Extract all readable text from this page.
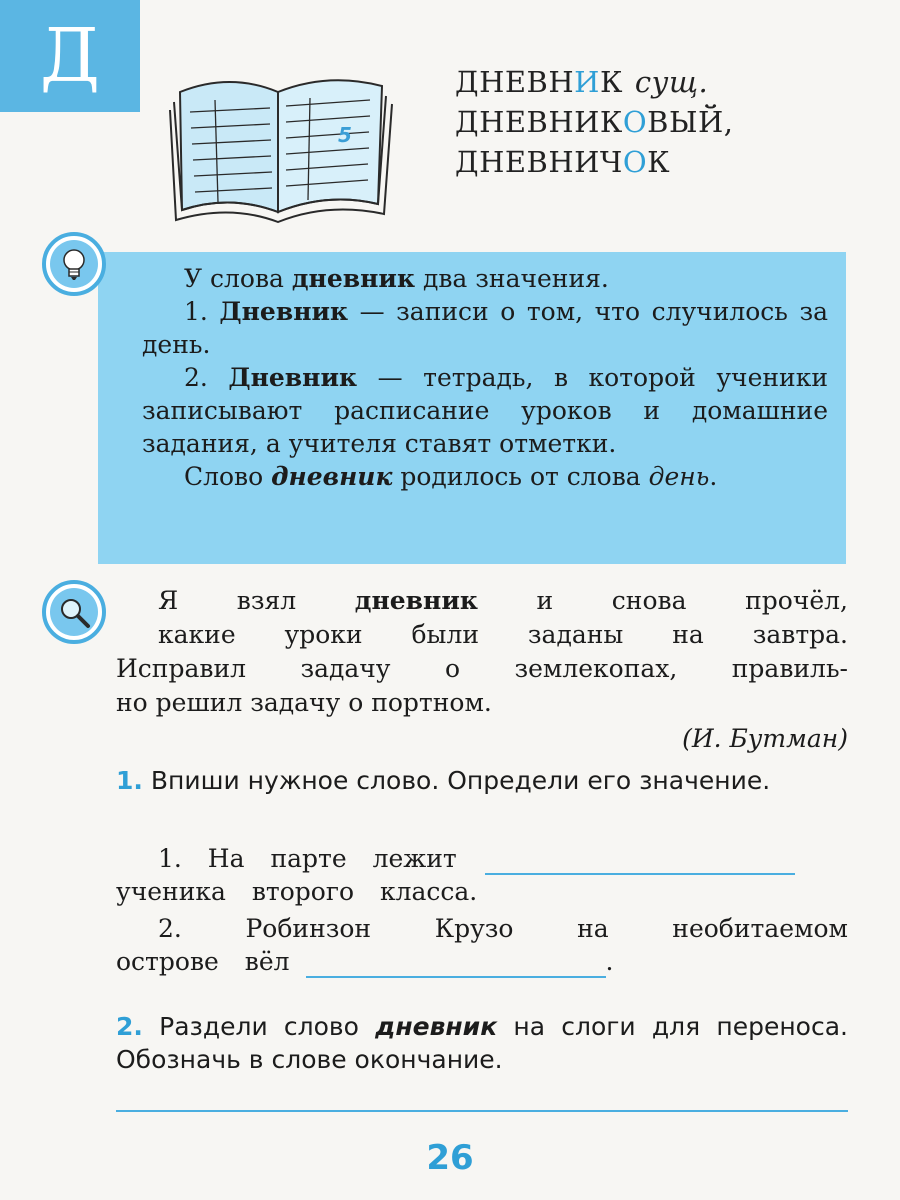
Д
5
ДНЕВНИК сущ.
ДНЕВНИКОВЫЙ,
ДНЕВНИЧОК

У слова дневник два значения.

1. Дневник — записи о том, что случилось за день.

2. Дневник — тетрадь, в которой ученики записывают расписание уроков и домашние задания, а учителя ставят отметки.

Слово дневник родилось от слова день.

Я взял дневник и снова прочёл,

какие уроки были заданы на завтра.

Исправил задачу о землекопах, правиль-

но решил задачу о портном.

(И. Бутман)

1. Впиши нужное слово. Определи его значение.

1. На парте лежит
ученика второго класса.
2. Робинзон Крузо на необитаемом
острове вёл	.

2. Раздели слово дневник на слоги для переноса. Обозначь в слове окончание.

26
